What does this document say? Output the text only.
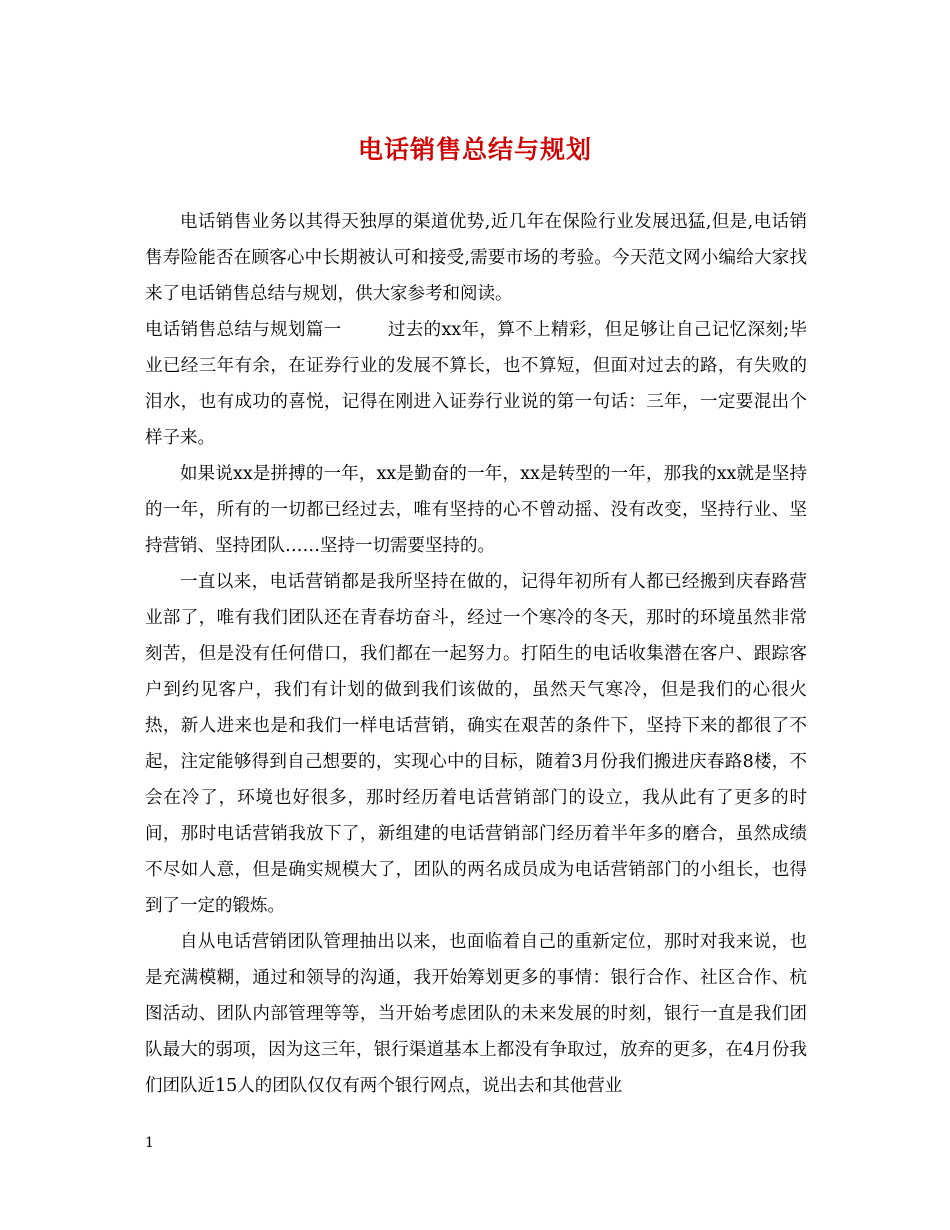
电话销售总结与规划

电话销售业务以其得天独厚的渠道优势,近几年在保险行业发展迅猛,但是,电话销售寿险能否在顾客心中长期被认可和接受,需要市场的考验。今天范文网小编给大家找来了电话销售总结与规划，供大家参考和阅读。

电话销售总结与规划篇一	过去的xx年，算不上精彩，但足够让自己记忆深刻;毕业已经三年有余，在证券行业的发展不算长，也不算短，但面对过去的路，有失败的泪水，也有成功的喜悦，记得在刚进入证券行业说的第一句话：三年，一定要混出个样子来。

如果说xx是拼搏的一年，xx是勤奋的一年，xx是转型的一年，那我的xx就是坚持的一年，所有的一切都已经过去，唯有坚持的心不曾动摇、没有改变，坚持行业、坚持营销、坚持团队……坚持一切需要坚持的。

一直以来，电话营销都是我所坚持在做的，记得年初所有人都已经搬到庆春路营业部了，唯有我们团队还在青春坊奋斗，经过一个寒冷的冬天，那时的环境虽然非常刻苦，但是没有任何借口，我们都在一起努力。打陌生的电话收集潜在客户、跟踪客户到约见客户，我们有计划的做到我们该做的，虽然天气寒冷，但是我们的心很火热，新人进来也是和我们一样电话营销，确实在艰苦的条件下，坚持下来的都很了不起，注定能够得到自己想要的，实现心中的目标，随着3月份我们搬进庆春路8楼，不会在冷了，环境也好很多，那时经历着电话营销部门的设立，我从此有了更多的时间，那时电话营销我放下了，新组建的电话营销部门经历着半年多的磨合，虽然成绩不尽如人意，但是确实规模大了，团队的两名成员成为电话营销部门的小组长，也得到了一定的锻炼。

自从电话营销团队管理抽出以来，也面临着自己的重新定位，那时对我来说，也是充满模糊，通过和领导的沟通，我开始筹划更多的事情：银行合作、社区合作、杭图活动、团队内部管理等等，当开始考虑团队的未来发展的时刻，银行一直是我们团队最大的弱项，因为这三年，银行渠道基本上都没有争取过，放弃的更多，在4月份我们团队近15人的团队仅仅有两个银行网点，说出去和其他营业

1
